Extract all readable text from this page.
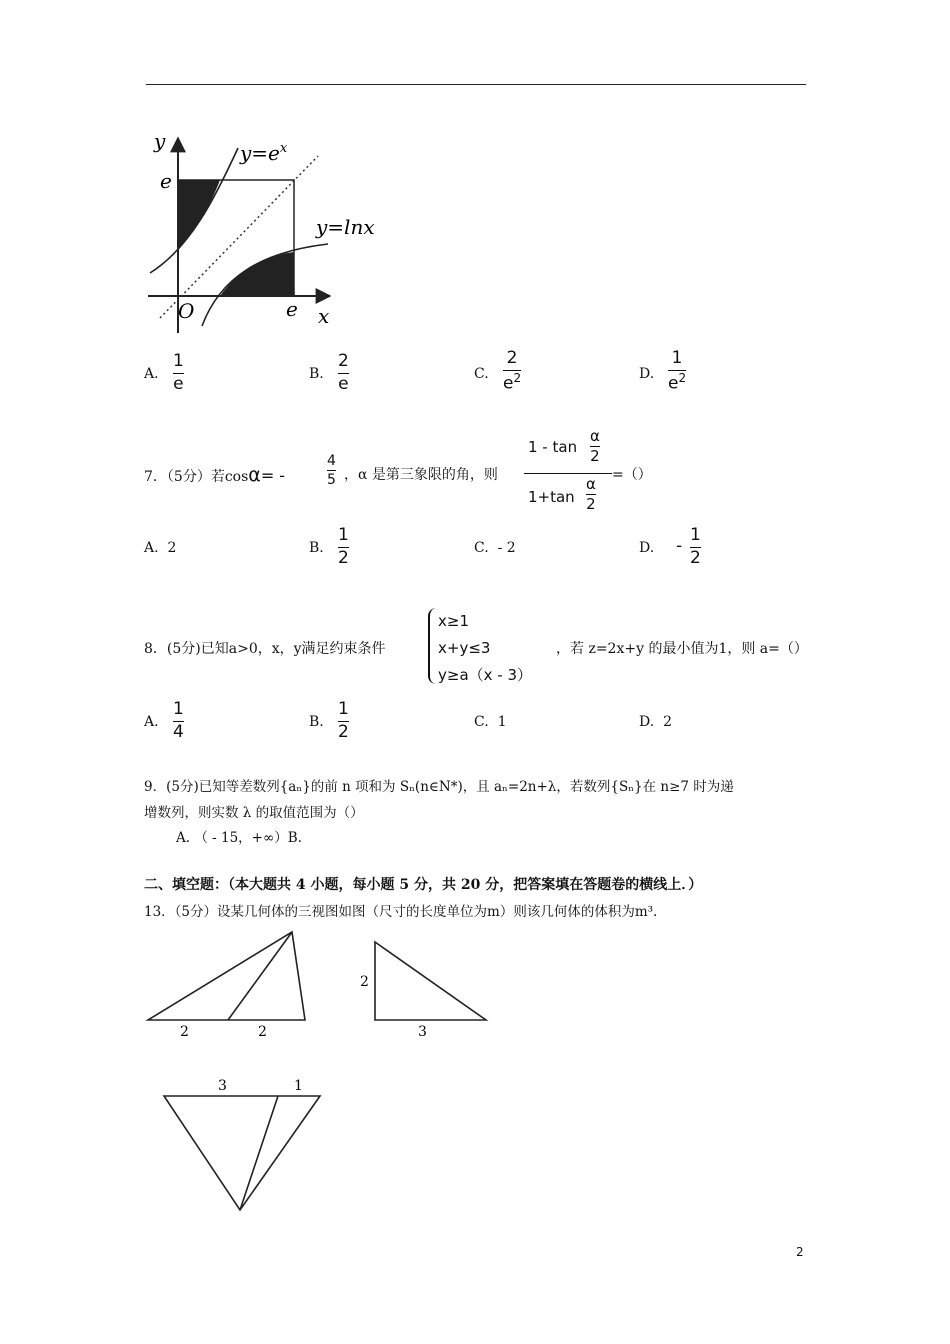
y
e
O	e x
$y=e^x$
y=lnx
A.
1
e	B.
2
e	C.
2
$e^2$	D.
1
$e^2$
7．（5分）若cosα= -
4
5 ，α 是第三象限的角，则
1 - tan
α
2
1+tan
α
2
=（）
A. 2	B.
1
2	C. - 2	D. -
1
2
8．(5分)已知a>0，x，y满足约束条件
x≥1
x+y≤3
y≥a（x - 3）
，若 z=2x+y 的最小值为1，则 a=（）
A.
1
4	B.
1
2	C. 1	D. 2
9．(5分)已知等差数列{aₙ}的前 n 项和为 Sₙ(n∈N*)，且 aₙ=2n+λ，若数列{Sₙ}在 n≥7 时为递
增数列，则实数 λ 的取值范围为（）
A. （ - 15，+∞）B.
二、填空题：（本大题共 4 小题，每小题 5 分，共 20 分，把答案填在答题卷的横线上．）
13．（5分）设某几何体的三视图如图（尺寸的长度单位为m）则该几何体的体积为m³.
2	2
2
3
3	1
2
